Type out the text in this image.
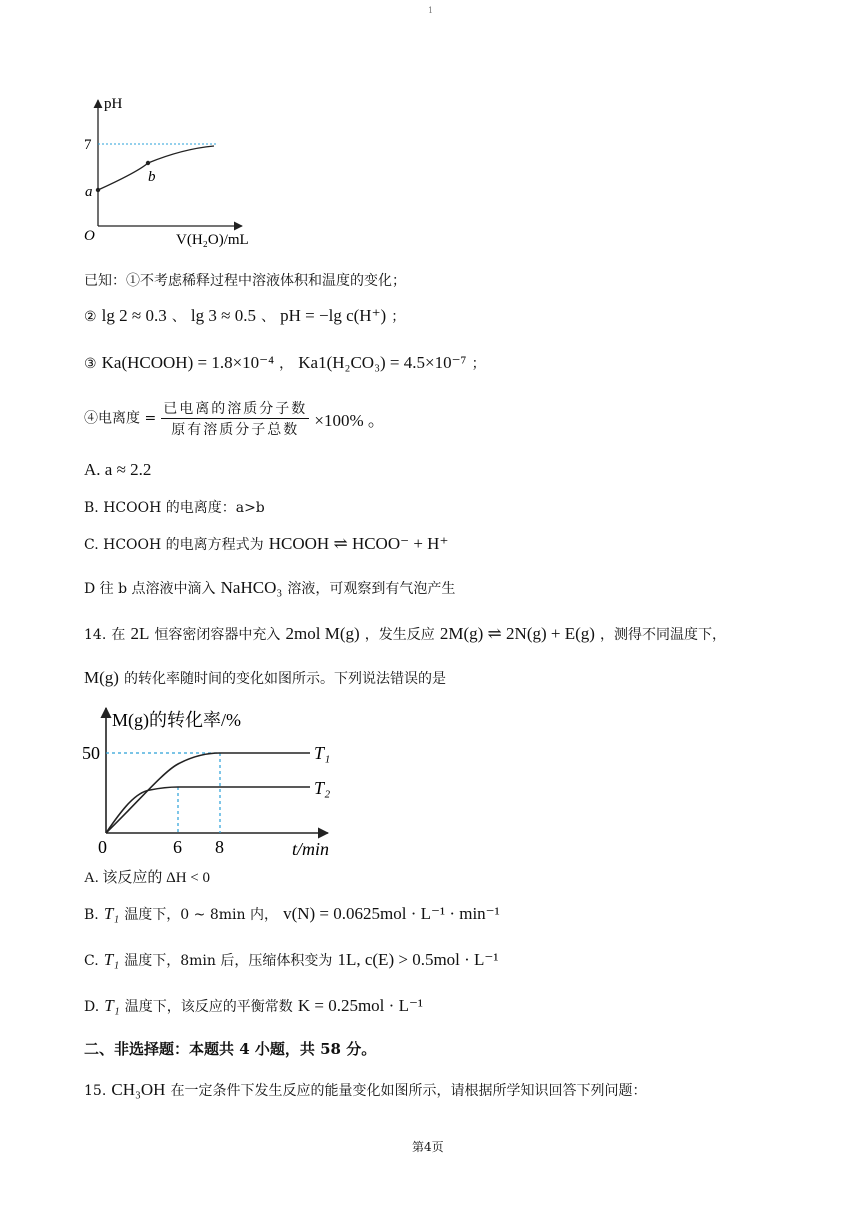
1
pH
7
a
b
O	V(H₂O)/mL
已知：①不考虑稀释过程中溶液体积和温度的变化；
② lg 2 ≈ 0.3 、 lg 3 ≈ 0.5 、 pH = −lg c(H⁺) ；
③ Ka(HCOOH) = 1.8×10⁻⁴ ， Ka1(H₂CO₃) = 4.5×10⁻⁷ ；
④电离度 = $\frac{\text{已电离的溶质分子数}}{\text{原有溶质分子总数}} \times 100\%$ 。
A. a ≈ 2.2
B. HCOOH 的电离度：a>b
C. HCOOH 的电离方程式为 HCOOH ⇌ HCOO⁻ + H⁺
D 往 b 点溶液中滴入 NaHCO₃ 溶液，可观察到有气泡产生
14. 在 2L 恒容密闭容器中充入 2mol M(g) ，发生反应 2M(g) ⇌ 2N(g) + E(g) ，测得不同温度下，
M(g) 的转化率随时间的变化如图所示。下列说法错误的是
M(g)的转化率/%
50
0	6 8	t/min
T₁
T₂
A. 该反应的 ΔH < 0
B. T₁ 温度下，0 ~ 8min 内， v(N) = 0.0625mol · L⁻¹ · min⁻¹
C. T₁ 温度下，8min 后，压缩体积变为 1L, c(E) > 0.5mol · L⁻¹
D. T₁ 温度下，该反应的平衡常数 K = 0.25mol · L⁻¹
二、非选择题：本题共 4 小题，共 58 分。
15. CH₃OH 在一定条件下发生反应的能量变化如图所示，请根据所学知识回答下列问题：
第4页
